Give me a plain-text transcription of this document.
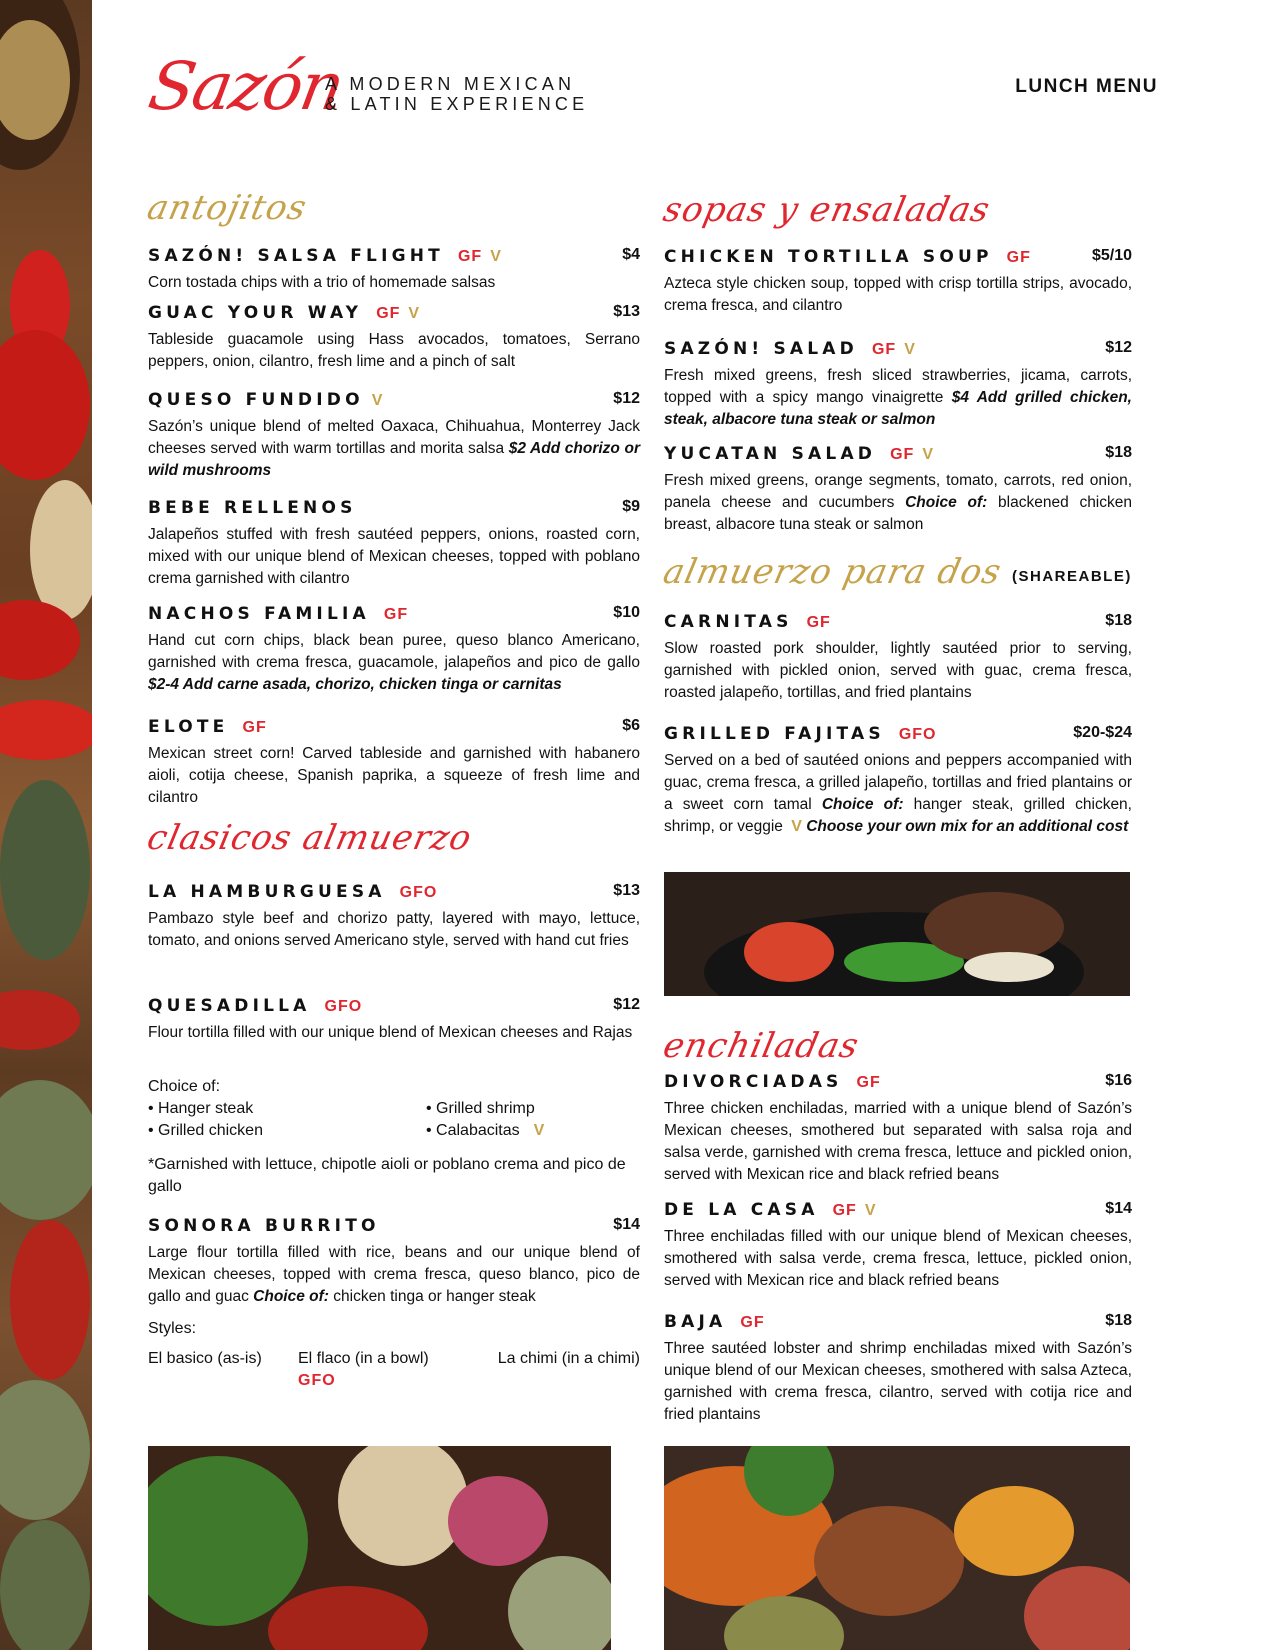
Sazón
A MODERN MEXICAN
& LATIN EXPERIENCE
LUNCH MENU
antojitos
SAZÓN! SALSA FLIGHT GF V	$4
Corn tostada chips with a trio of homemade salsas
GUAC YOUR WAY GF V	$13
Tableside guacamole using Hass avocados, tomatoes, Serrano peppers, onion, cilantro, fresh lime and a pinch of salt
QUESO FUNDIDO V	$12
Sazón’s unique blend of melted Oaxaca, Chihuahua, Monterrey Jack cheeses served with warm tortillas and morita salsa $2 Add chorizo or wild mushrooms
BEBE RELLENOS	$9
Jalapeños stuffed with fresh sautéed peppers, onions, roasted corn, mixed with our unique blend of Mexican cheeses, topped with poblano crema garnished with cilantro
NACHOS FAMILIA GF	$10
Hand cut corn chips, black bean puree, queso blanco Americano, garnished with crema fresca, guacamole, jalapeños and pico de gallo $2-4 Add carne asada, chorizo, chicken tinga or carnitas
ELOTE GF	$6
Mexican street corn! Carved tableside and garnished with habanero aioli, cotija cheese, Spanish paprika, a squeeze of fresh lime and cilantro
clasicos almuerzo
LA HAMBURGUESA GFO	$13
Pambazo style beef and chorizo patty, layered with mayo, lettuce, tomato, and onions served Americano style, served with hand cut fries
QUESADILLA GFO	$12
Flour tortilla filled with our unique blend of Mexican cheeses and Rajas
Choice of:
• Hanger steak
• Grilled chicken
• Grilled shrimp
• Calabacitas V
*Garnished with lettuce, chipotle aioli or poblano crema and pico de gallo
SONORA BURRITO	$14
Large flour tortilla filled with rice, beans and our unique blend of Mexican cheeses, topped with crema fresca, queso blanco, pico de gallo and guac Choice of: chicken tinga or hanger steak
Styles:
El basico (as-is) El flaco (in a bowl)
GFO
La chimi (in a chimi)
sopas y ensaladas
CHICKEN TORTILLA SOUP GF	$5/10
Azteca style chicken soup, topped with crisp tortilla strips, avocado, crema fresca, and cilantro
SAZÓN! SALAD GF V	$12
Fresh mixed greens, fresh sliced strawberries, jicama, carrots, topped with a spicy mango vinaigrette $4 Add grilled chicken, steak, albacore tuna steak or salmon
YUCATAN SALAD GF V	$18
Fresh mixed greens, orange segments, tomato, carrots, red onion, panela cheese and cucumbers Choice of: blackened chicken breast, albacore tuna steak or salmon
almuerzo para dos (SHAREABLE)
CARNITAS GF	$18
Slow roasted pork shoulder, lightly sautéed prior to serving, garnished with pickled onion, served with guac, crema fresca, roasted jalapeño, tortillas, and fried plantains
GRILLED FAJITAS GFO	$20-$24
Served on a bed of sautéed onions and peppers accompanied with guac, crema fresca, a grilled jalapeño, tortillas and fried plantains or a sweet corn tamal Choice of: hanger steak, grilled chicken, shrimp, or veggie V Choose your own mix for an additional cost
enchiladas
DIVORCIADAS GF	$16
Three chicken enchiladas, married with a unique blend of Sazón’s Mexican cheeses, smothered but separated with salsa roja and salsa verde, garnished with crema fresca, lettuce and pickled onion, served with Mexican rice and black refried beans
DE LA CASA GF V	$14
Three enchiladas filled with our unique blend of Mexican cheeses, smothered with salsa verde, crema fresca, lettuce, pickled onion, served with Mexican rice and black refried beans
BAJA GF	$18
Three sautéed lobster and shrimp enchiladas mixed with Sazón’s unique blend of our Mexican cheeses, smothered with salsa Azteca, garnished with crema fresca, cilantro, served with cotija rice and fried plantains
